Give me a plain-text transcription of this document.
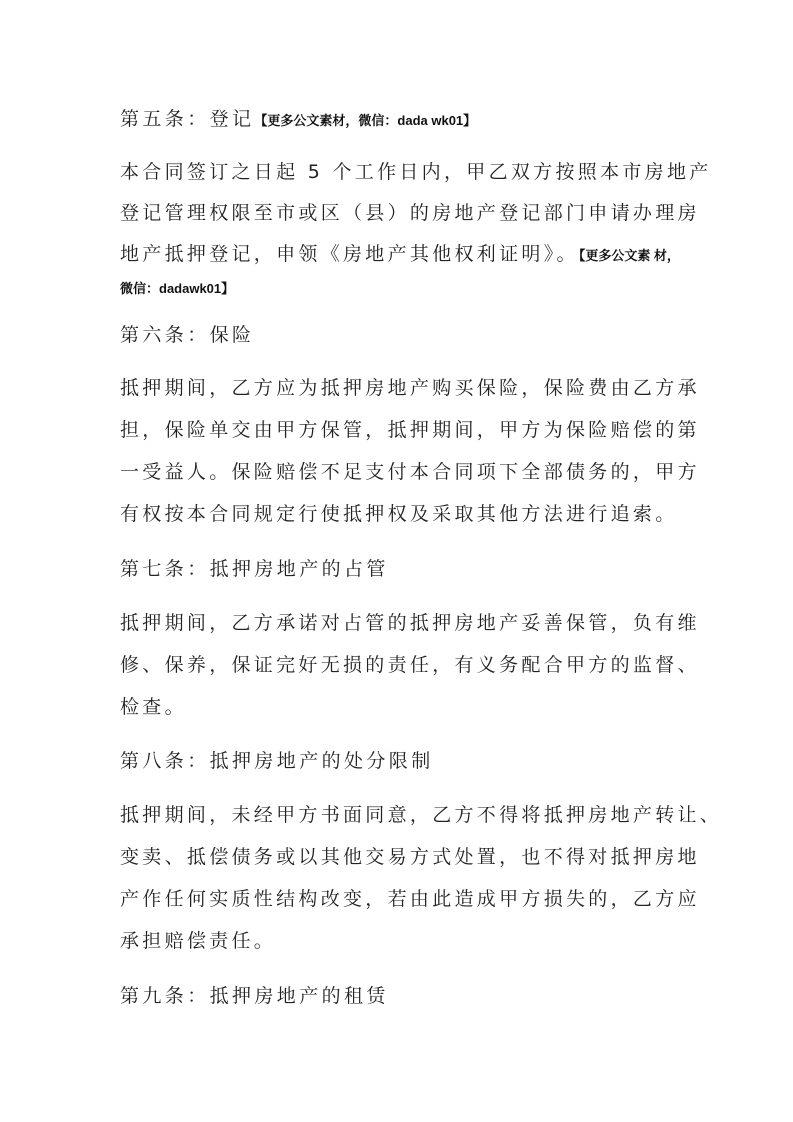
第五条：登记【更多公文素材，微信：dada wk01】
本合同签订之日起 5 个工作日内，甲乙双方按照本市房地产
登记管理权限至市或区（县）的房地产登记部门申请办理房
地产抵押登记，申领《房地产其他权利证明》。【更多公文素 材，
微信：dadawk01】
第六条：保险
抵押期间，乙方应为抵押房地产购买保险，保险费由乙方承
担，保险单交由甲方保管，抵押期间，甲方为保险赔偿的第
一受益人。保险赔偿不足支付本合同项下全部债务的，甲方
有权按本合同规定行使抵押权及采取其他方法进行追索。
第七条：抵押房地产的占管
抵押期间，乙方承诺对占管的抵押房地产妥善保管，负有维
修、保养，保证完好无损的责任，有义务配合甲方的监督、
检查。
第八条：抵押房地产的处分限制
抵押期间，未经甲方书面同意，乙方不得将抵押房地产转让、
变卖、抵偿债务或以其他交易方式处置，也不得对抵押房地
产作任何实质性结构改变，若由此造成甲方损失的，乙方应
承担赔偿责任。
第九条：抵押房地产的租赁
